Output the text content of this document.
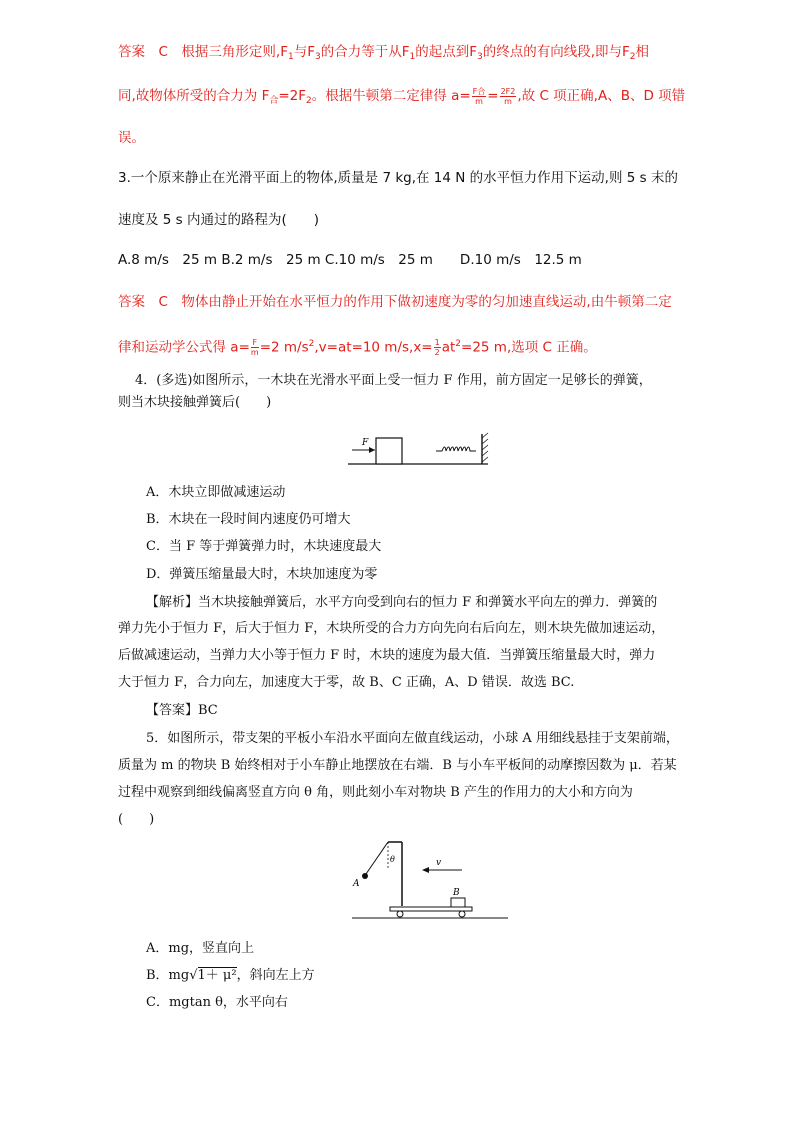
答案　C　根据三角形定则$,F_1$与$F_3$的合力等于从$F_1$的起点到$F_3$的终点的有向线段,即与$F_2$相
同,故物体所受的合力为 $F_合=2F_2$。根据牛顿第二定律得 $a= \frac{\text{F合}}{m} = \frac{2F2}{m}$ ,故 C 项正确,A、B、D 项错
误。
3.一个原来静止在光滑平面上的物体,质量是 7 kg,在 14 N 的水平恒力作用下运动,则 5 s 末的
速度及 5 s 内通过的路程为(　　)
A.8 m/s　25 m B.2 m/s　25 m C.10 m/s　25 m　　D.10 m/s　12.5 m
答案　C　物体由静止开始在水平恒力的作用下做初速度为零的匀加速直线运动,由牛顿第二定
律和运动学公式得 $a= \frac{F}{m} =2$ $m/s^2,v=at=10$ $m/s,x= \frac{1}{2} at^2=25$ m,选项 C 正确。
4．(多选)如图所示，一木块在光滑水平面上受一恒力 F 作用，前方固定一足够长的弹簧，
则当木块接触弹簧后(　　)
F
A．木块立即做减速运动
B．木块在一段时间内速度仍可增大
C．当 F 等于弹簧弹力时，木块速度最大
D．弹簧压缩量最大时，木块加速度为零
【解析】当木块接触弹簧后，水平方向受到向右的恒力 F 和弹簧水平向左的弹力．弹簧的
弹力先小于恒力 F，后大于恒力 F，木块所受的合力方向先向右后向左，则木块先做加速运动，
后做减速运动，当弹力大小等于恒力 F 时，木块的速度为最大值．当弹簧压缩量最大时，弹力
大于恒力 F，合力向左，加速度大于零，故 B、C 正确，A、D 错误．故选 BC.
【答案】BC
5．如图所示，带支架的平板小车沿水平面向左做直线运动，小球 A 用细线悬挂于支架前端，
质量为 m 的物块 B 始终相对于小车静止地摆放在右端．B 与小车平板间的动摩擦因数为 μ．若某
过程中观察到细线偏离竖直方向 θ 角，则此刻小车对物块 B 产生的作用力的大小和方向为
(　　)
A
θ	v
B
A．mg，竖直向上
B．mg√1＋ μ²，斜向左上方
C．mgtan θ，水平向右
